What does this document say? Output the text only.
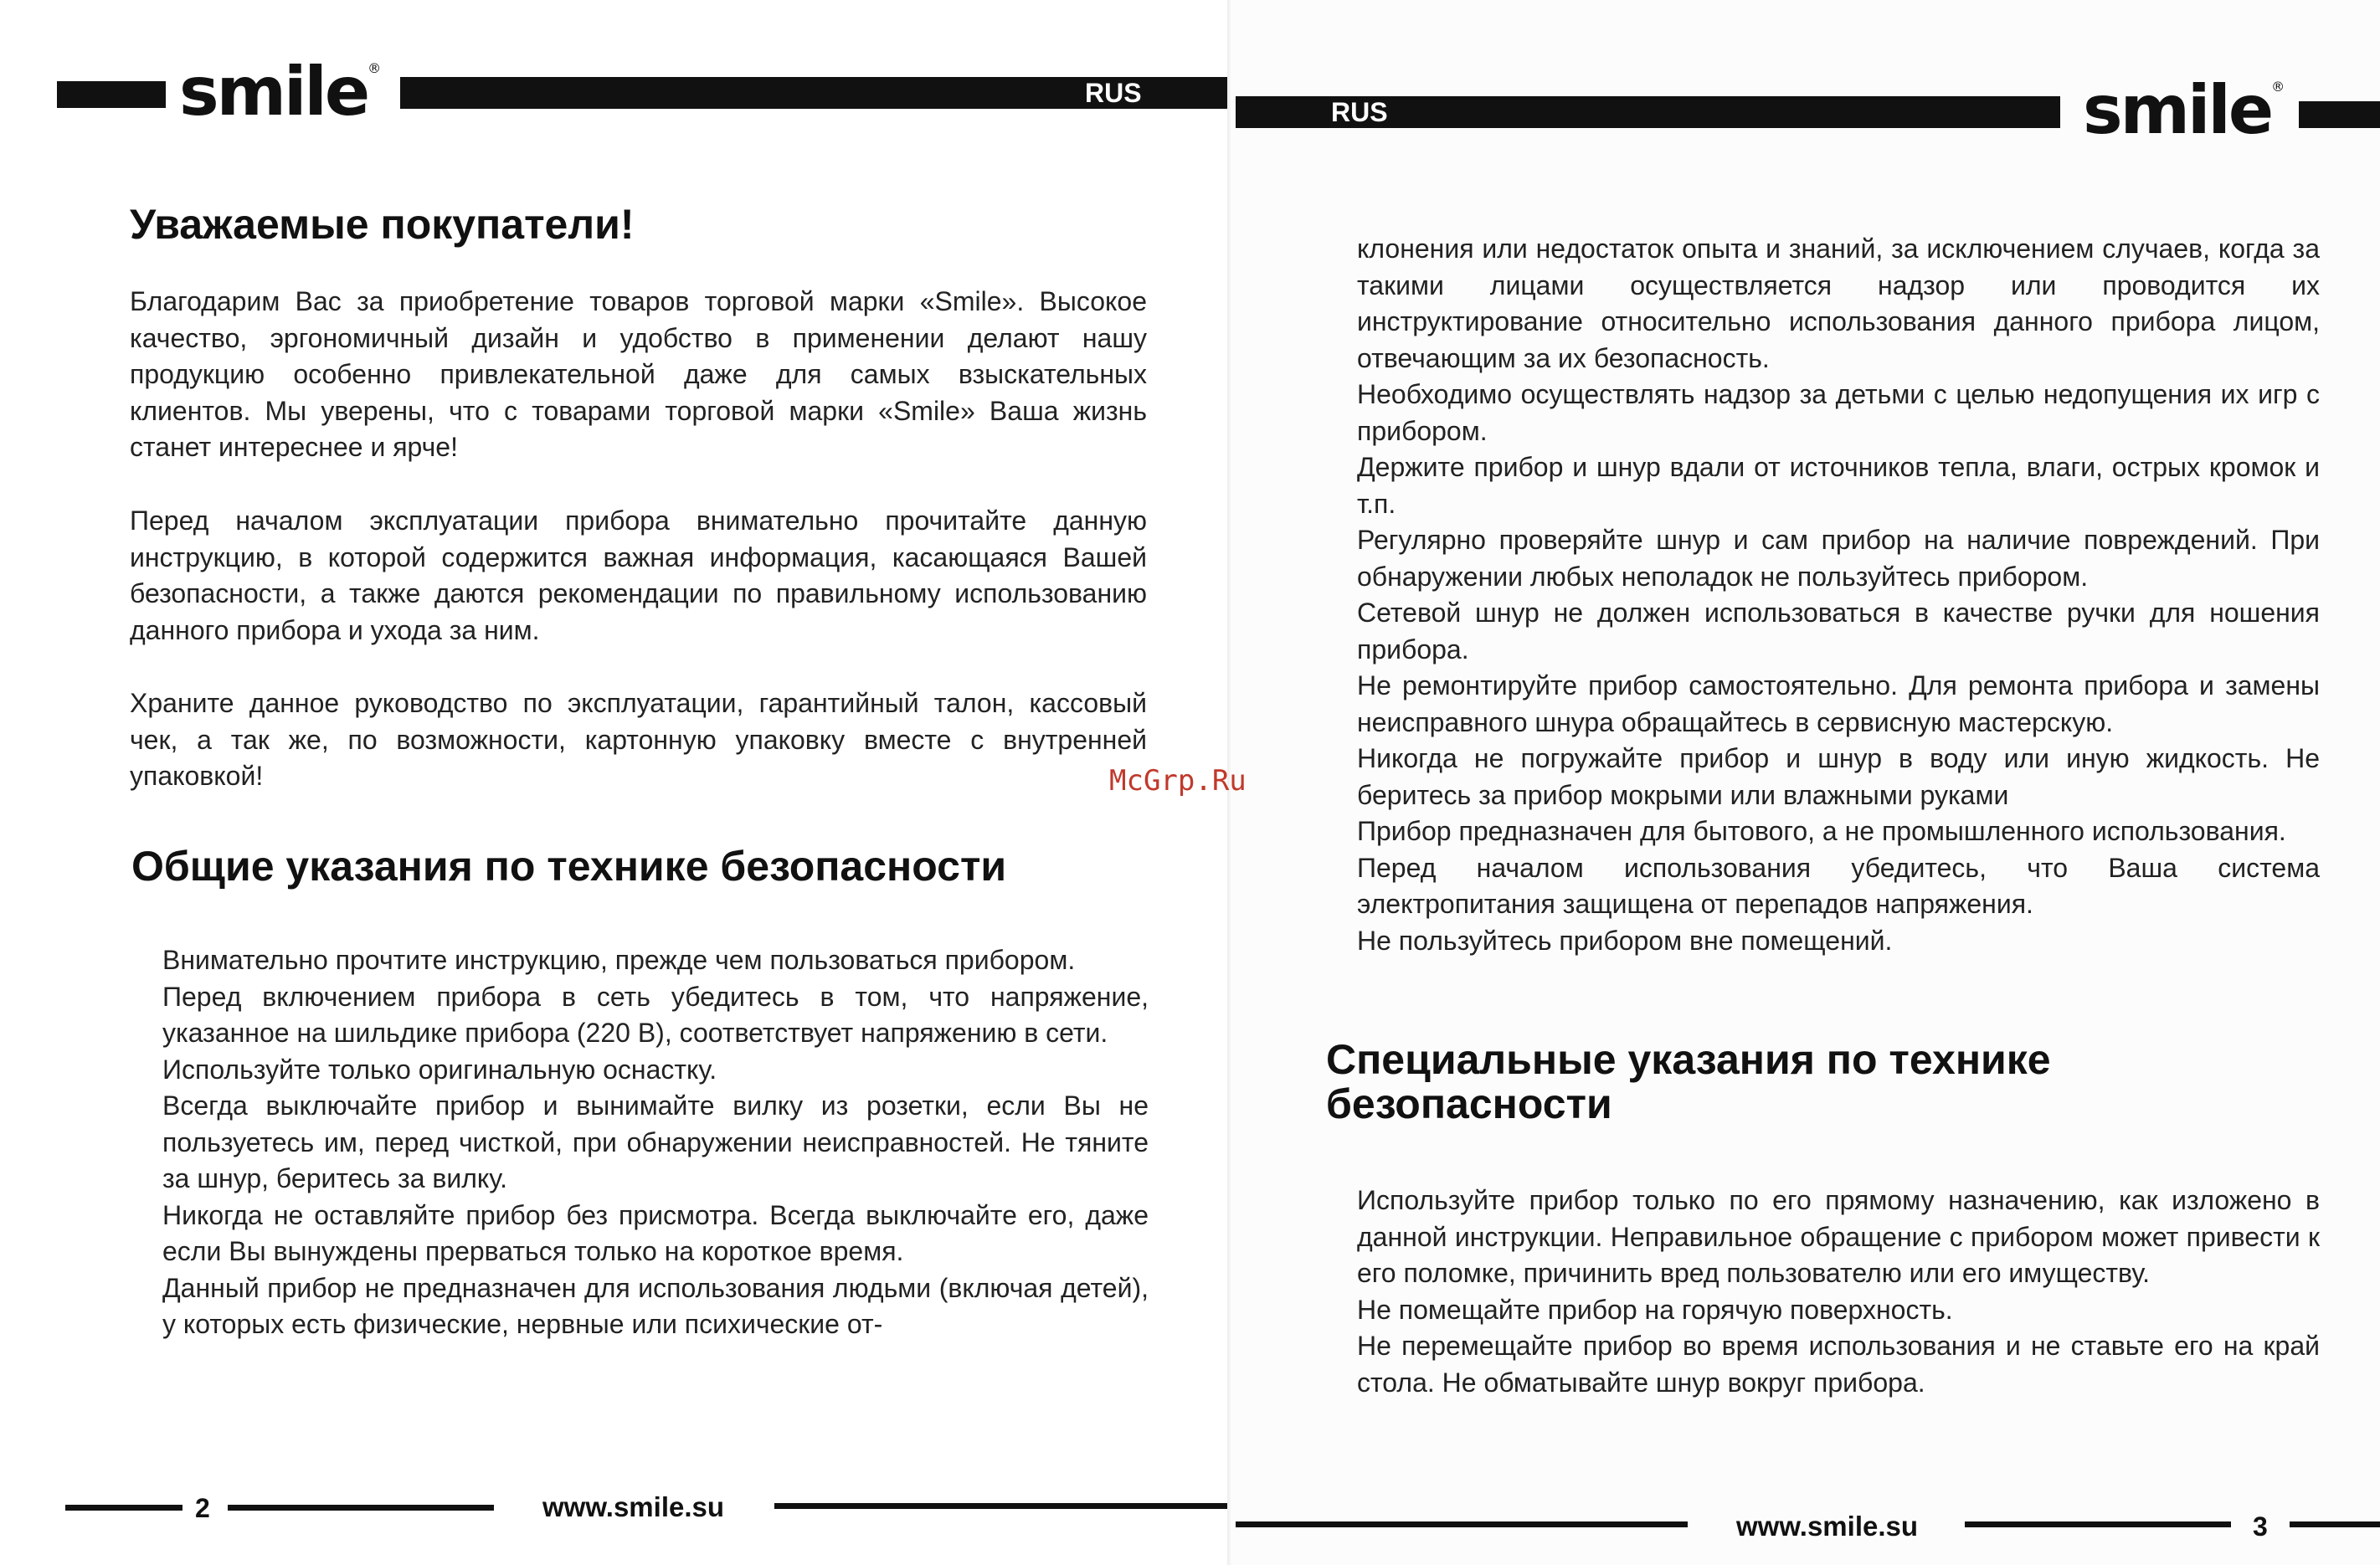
smile®
RUS
Уважаемые покупатели!

Благодарим Вас за приобретение товаров торговой марки «Smile». Высокое качество, эргономичный дизайн и удобство в применении делают нашу продукцию особенно привлекательной даже для самых взыскательных клиентов. Мы уверены, что с товарами торговой марки «Smile» Ваша жизнь станет интереснее и ярче!

Перед началом эксплуатации прибора внимательно прочитайте данную инструкцию, в которой содержится важная информация, касающаяся Вашей безопасности, а также даются рекомендации по правильному использованию данного прибора и ухода за ним.

Храните данное руководство по эксплуатации, гарантийный талон, кассовый чек, а так же, по возможности, картонную упаковку вместе с внутренней упаковкой!

Общие указания по технике безопасности
Внимательно прочтите инструкцию, прежде чем пользоваться прибором.
Перед включением прибора в сеть убедитесь в том, что напряжение, указанное на шильдике прибора (220 В), соответствует напряжению в сети.
Используйте только оригинальную оснастку.
Всегда выключайте прибор и вынимайте вилку из розетки, если Вы не пользуетесь им, перед чисткой, при обнаружении неисправностей. Не тяните за шнур, беритесь за вилку.
Никогда не оставляйте прибор без присмотра. Всегда выключайте его, даже если Вы вынуждены прерваться только на короткое время.
Данный прибор не предназначен для использования людьми (включая детей), у которых есть физические, нервные или психические от-
2	www.smile.su
RUS	smile®
клонения или недостаток опыта и знаний, за исключением случаев, когда за такими лицами осуществляется надзор или проводится их инструктирование относительно использования данного прибора лицом, отвечающим за их безопасность.
Необходимо осуществлять надзор за детьми с целью недопущения их игр с прибором.
Держите прибор и шнур вдали от источников тепла, влаги, острых кромок и т.п.
Регулярно проверяйте шнур и сам прибор на наличие повреждений. При обнаружении любых неполадок не пользуйтесь прибором.
Сетевой шнур не должен использоваться в качестве ручки для ношения прибора.
Не ремонтируйте прибор самостоятельно. Для ремонта прибора и замены неисправного шнура обращайтесь в сервисную мастерскую.
Никогда не погружайте прибор и шнур в воду или иную жидкость. Не беритесь за прибор мокрыми или влажными руками
Прибор предназначен для бытового, а не промышленного использования.
Перед началом использования убедитесь, что Ваша система электропитания защищена от перепадов напряжения.
Не пользуйтесь прибором вне помещений.
Специальные указания по технике
безопасности
Используйте прибор только по его прямому назначению, как изложено в данной инструкции. Неправильное обращение с прибором может привести к его поломке, причинить вред пользователю или его имуществу.
Не помещайте прибор на горячую поверхность.
Не перемещайте прибор во время использования и не ставьте его на край стола. Не обматывайте шнур вокруг прибора.
www.smile.su	3
McGrp.Ru
